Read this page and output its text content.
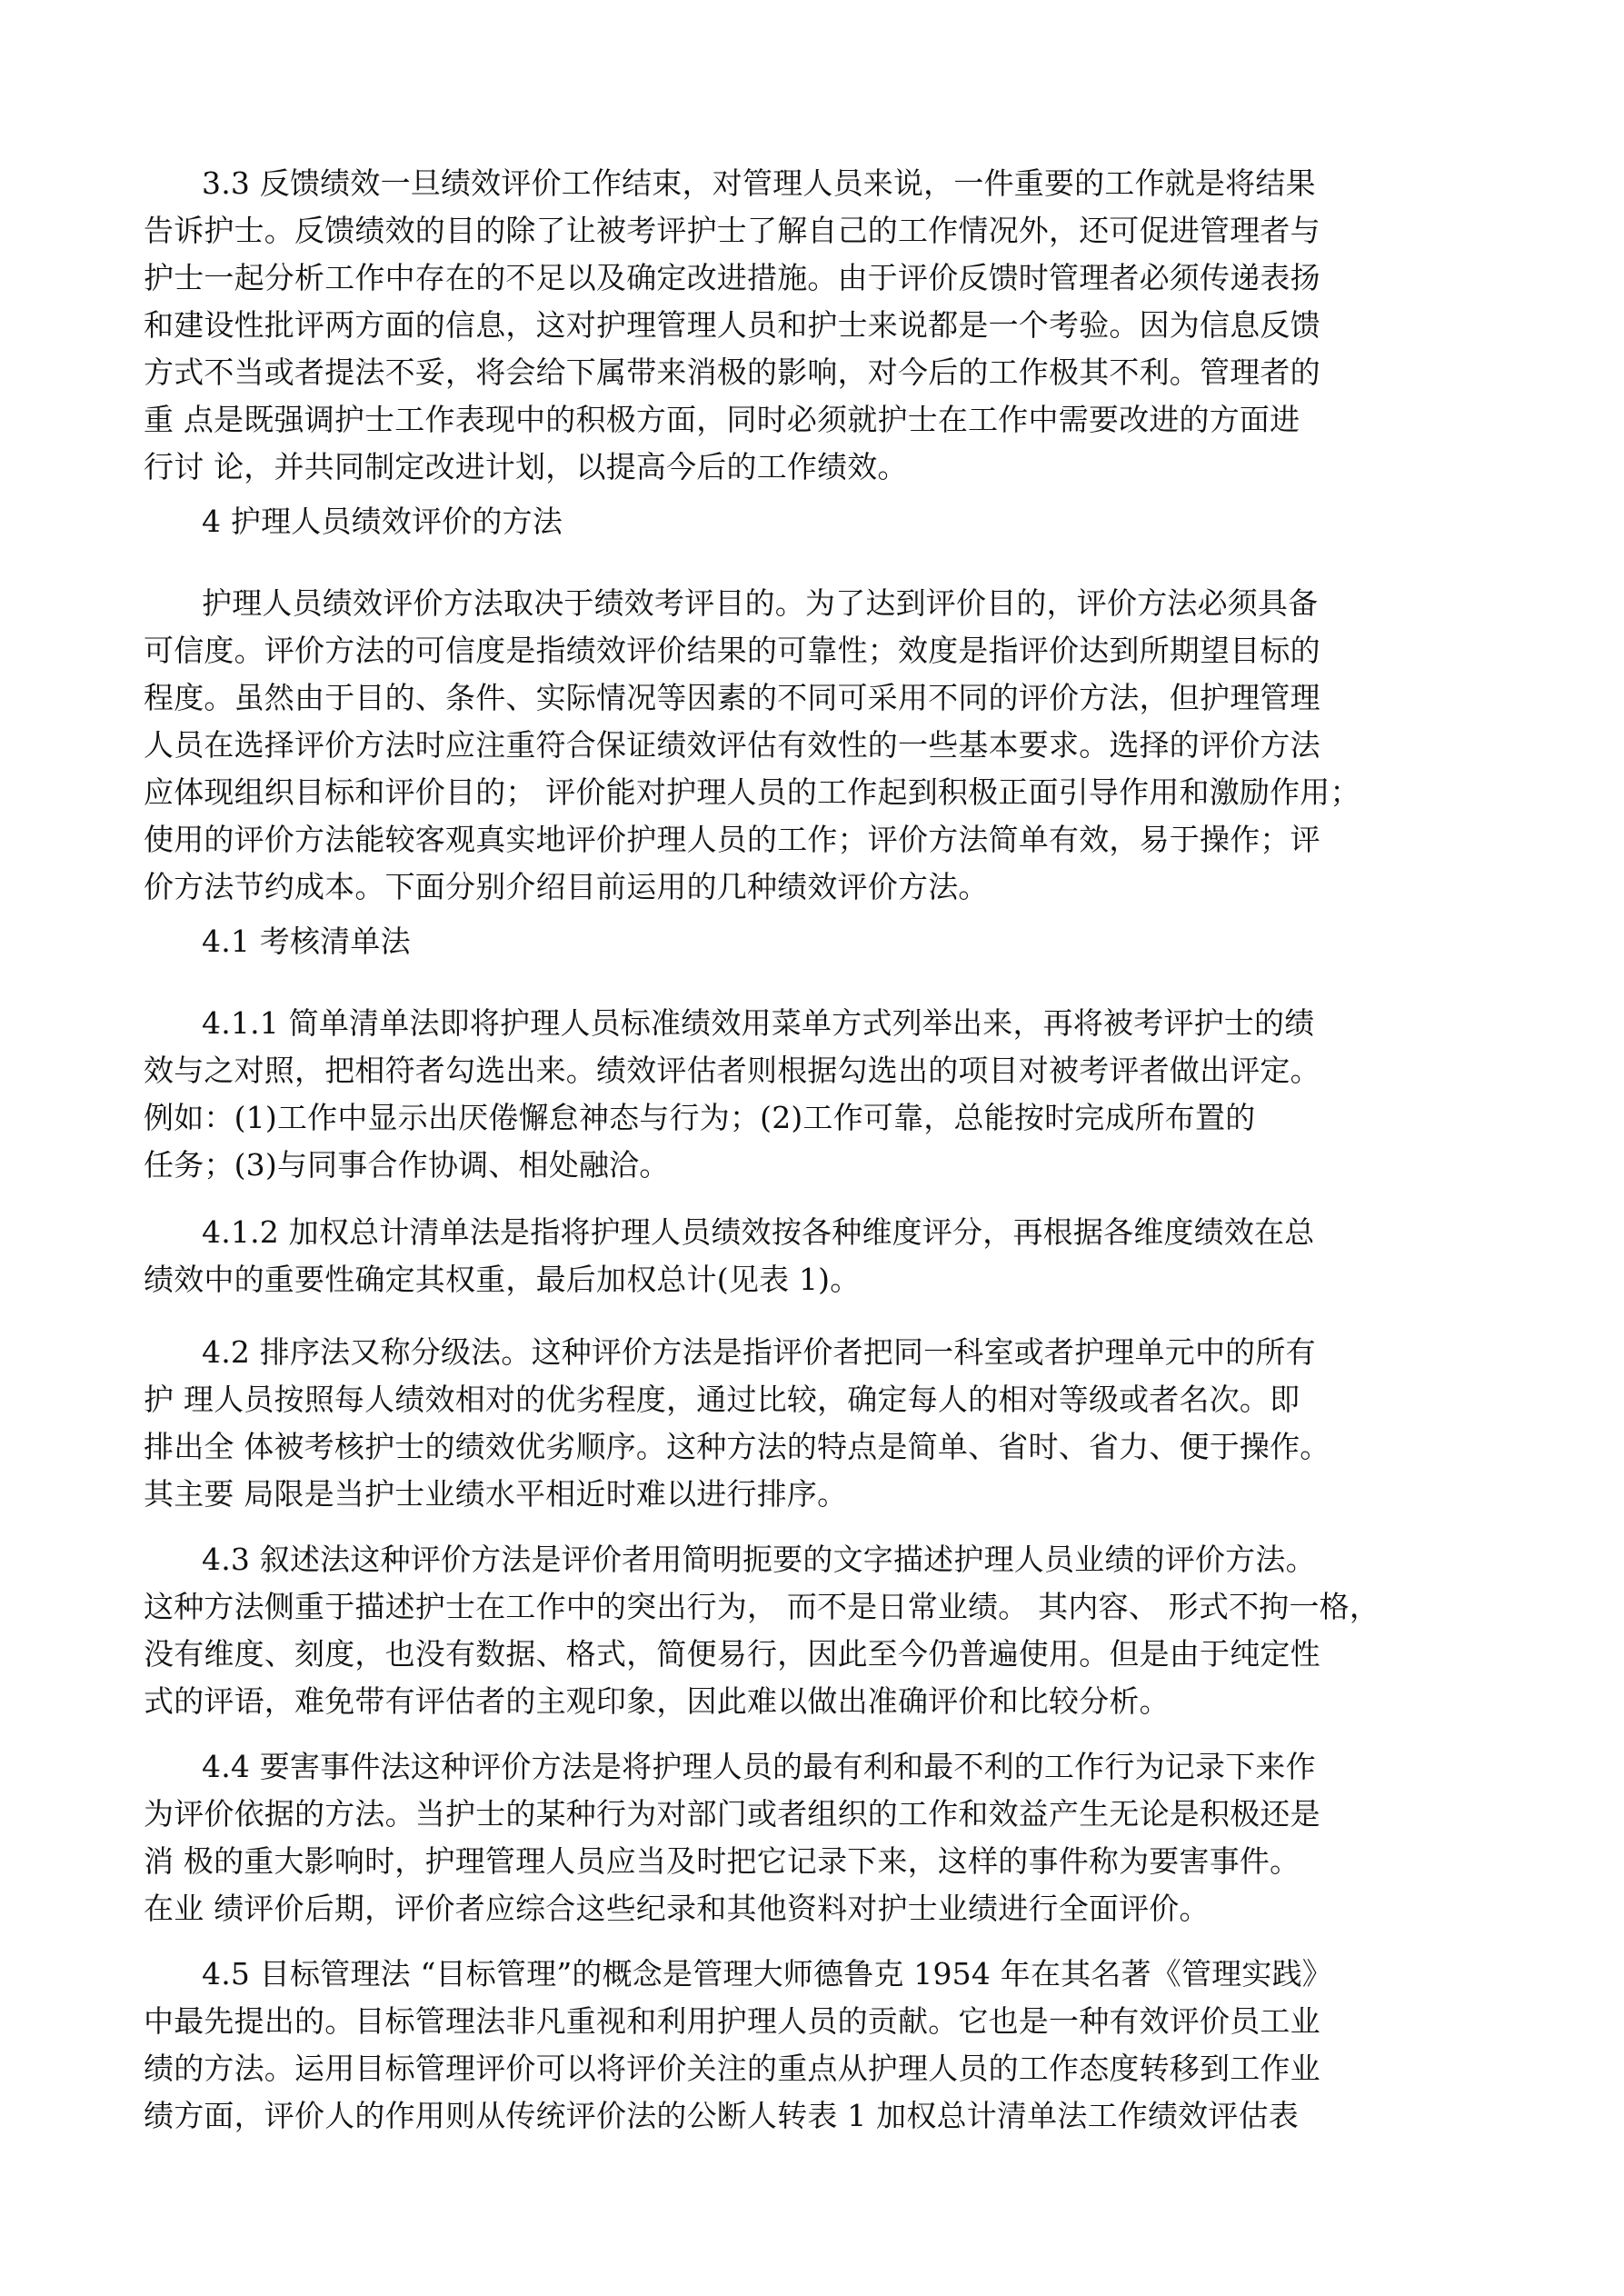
3.3 反馈绩效一旦绩效评价工作结束，对管理人员来说，一件重要的工作就是将结果
告诉护士。反馈绩效的目的除了让被考评护士了解自己的工作情况外，还可促进管理者与
护士一起分析工作中存在的不足以及确定改进措施。由于评价反馈时管理者必须传递表扬
和建设性批评两方面的信息，这对护理管理人员和护士来说都是一个考验。因为信息反馈
方式不当或者提法不妥，将会给下属带来消极的影响，对今后的工作极其不利。管理者的
重 点是既强调护士工作表现中的积极方面，同时必须就护士在工作中需要改进的方面进
行讨 论，并共同制定改进计划，以提高今后的工作绩效。
4 护理人员绩效评价的方法
护理人员绩效评价方法取决于绩效考评目的。为了达到评价目的，评价方法必须具备
可信度。评价方法的可信度是指绩效评价结果的可靠性；效度是指评价达到所期望目标的
程度。虽然由于目的、条件、实际情况等因素的不同可采用不同的评价方法，但护理管理
人员在选择评价方法时应注重符合保证绩效评估有效性的一些基本要求。选择的评价方法
应体现组织目标和评价目的； 评价能对护理人员的工作起到积极正面引导作用和激励作用；
使用的评价方法能较客观真实地评价护理人员的工作；评价方法简单有效，易于操作；评
价方法节约成本。下面分别介绍目前运用的几种绩效评价方法。
4.1 考核清单法
4.1.1 简单清单法即将护理人员标准绩效用菜单方式列举出来，再将被考评护士的绩
效与之对照，把相符者勾选出来。绩效评估者则根据勾选出的项目对被考评者做出评定。
例如：(1)工作中显示出厌倦懈怠神态与行为；(2)工作可靠，总能按时完成所布置的
任务；(3)与同事合作协调、相处融洽。
4.1.2 加权总计清单法是指将护理人员绩效按各种维度评分，再根据各维度绩效在总
绩效中的重要性确定其权重，最后加权总计(见表 1)。
4.2 排序法又称分级法。这种评价方法是指评价者把同一科室或者护理单元中的所有
护 理人员按照每人绩效相对的优劣程度，通过比较，确定每人的相对等级或者名次。即
排出全 体被考核护士的绩效优劣顺序。这种方法的特点是简单、省时、省力、便于操作。
其主要 局限是当护士业绩水平相近时难以进行排序。
4.3 叙述法这种评价方法是评价者用简明扼要的文字描述护理人员业绩的评价方法。
这种方法侧重于描述护士在工作中的突出行为， 而不是日常业绩。 其内容、 形式不拘一格，
没有维度、刻度，也没有数据、格式，简便易行，因此至今仍普遍使用。但是由于纯定性
式的评语，难免带有评估者的主观印象，因此难以做出准确评价和比较分析。
4.4 要害事件法这种评价方法是将护理人员的最有利和最不利的工作行为记录下来作
为评价依据的方法。当护士的某种行为对部门或者组织的工作和效益产生无论是积极还是
消 极的重大影响时，护理管理人员应当及时把它记录下来，这样的事件称为要害事件。
在业 绩评价后期，评价者应综合这些纪录和其他资料对护士业绩进行全面评价。
4.5 目标管理法 “目标管理”的概念是管理大师德鲁克 1954 年在其名著《管理实践》
中最先提出的。目标管理法非凡重视和利用护理人员的贡献。它也是一种有效评价员工业
绩的方法。运用目标管理评价可以将评价关注的重点从护理人员的工作态度转移到工作业
绩方面，评价人的作用则从传统评价法的公断人转表 1 加权总计清单法工作绩效评估表
